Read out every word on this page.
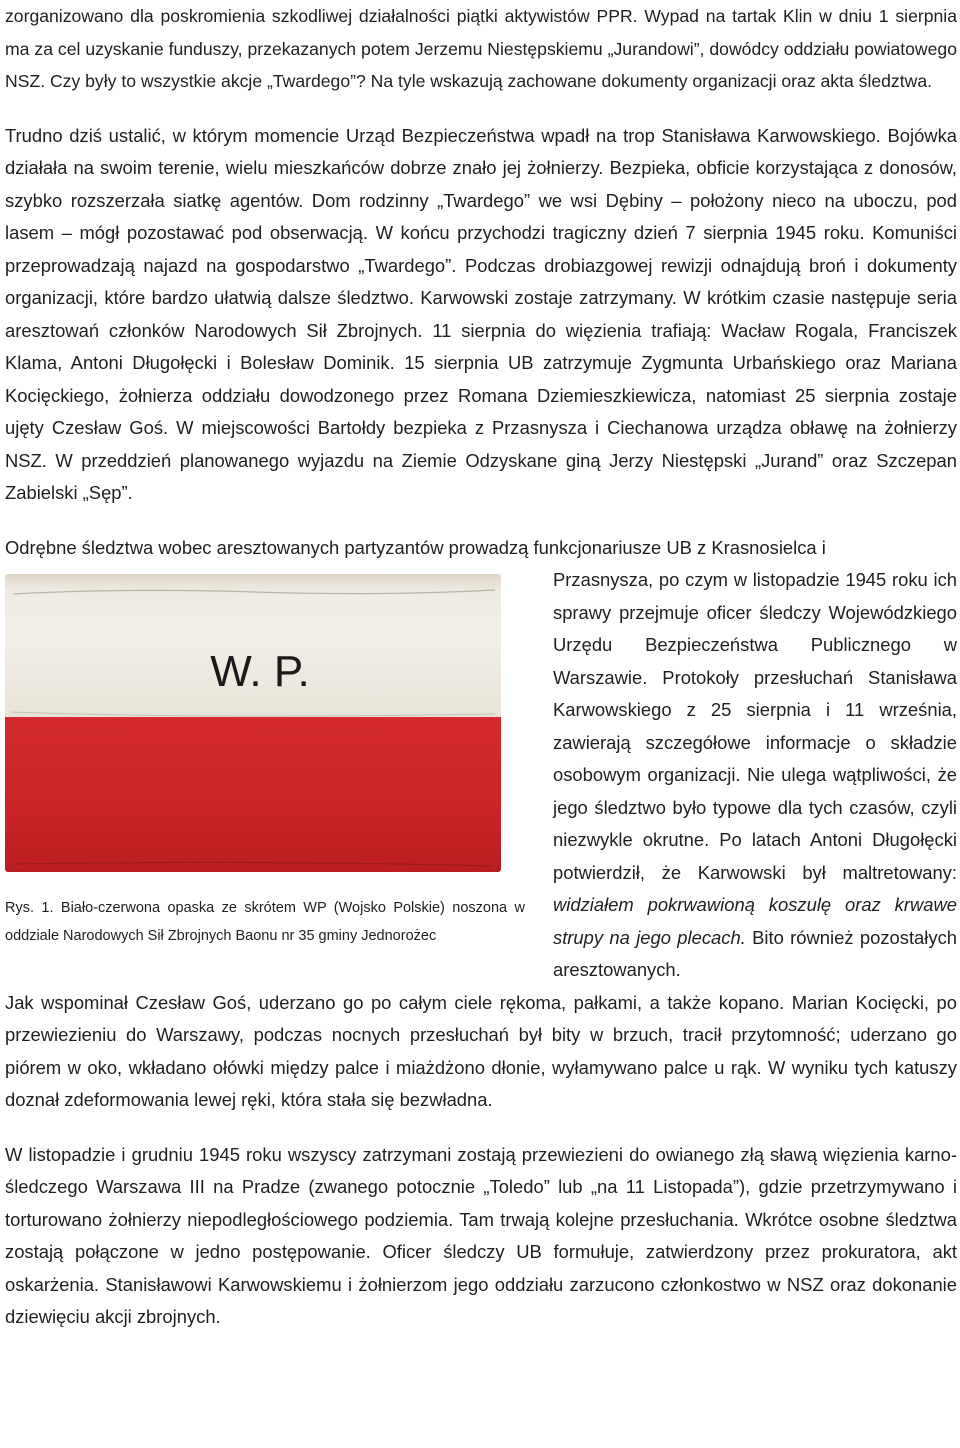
zorganizowano dla poskromienia szkodliwej działalności piątki aktywistów PPR. Wypad na tartak Klin w dniu 1 sierpnia ma za cel uzyskanie funduszy, przekazanych potem Jerzemu Niestępskiemu „Jurandowi”, dowódcy oddziału powiatowego NSZ. Czy były to wszystkie akcje „Twardego”? Na tyle wskazują zachowane dokumenty organizacji oraz akta śledztwa.

Trudno dziś ustalić, w którym momencie Urząd Bezpieczeństwa wpadł na trop Stanisława Karwowskiego. Bojówka działała na swoim terenie, wielu mieszkańców dobrze znało jej żołnierzy. Bezpieka, obficie korzystająca z donosów, szybko rozszerzała siatkę agentów. Dom rodzinny „Twardego” we wsi Dębiny – położony nieco na uboczu, pod lasem – mógł pozostawać pod obserwacją. W końcu przychodzi tragiczny dzień 7 sierpnia 1945 roku. Komuniści przeprowadzają najazd na gospodarstwo „Twardego”. Podczas drobiazgowej rewizji odnajdują broń i dokumenty organizacji, które bardzo ułatwią dalsze śledztwo. Karwowski zostaje zatrzymany. W krótkim czasie następuje seria aresztowań członków Narodowych Sił Zbrojnych. 11 sierpnia do więzienia trafiają: Wacław Rogala, Franciszek Klama, Antoni Długołęcki i Bolesław Dominik. 15 sierpnia UB zatrzymuje Zygmunta Urbańskiego oraz Mariana Kocięckiego, żołnierza oddziału dowodzonego przez Romana Dziemieszkiewicza, natomiast 25 sierpnia zostaje ujęty Czesław Goś. W miejscowości Bartołdy bezpieka z Przasnysza i Ciechanowa urządza obławę na żołnierzy NSZ. W przeddzień planowanego wyjazdu na Ziemie Odzyskane giną Jerzy Niestępski „Jurand” oraz Szczepan Zabielski „Sęp”.

Odrębne śledztwa wobec aresztowanych partyzantów prowadzą funkcjonariusze UB z Krasnosielca i

W. P.
Rys. 1. Biało-czerwona opaska ze skrótem WP (Wojsko Polskie) noszona w oddziale Narodowych Sił Zbrojnych Baonu nr 35 gminy Jednorożec

Przasnysza, po czym w listopadzie 1945 roku ich sprawy przejmuje oficer śledczy Wojewódzkiego Urzędu Bezpieczeństwa Publicznego w Warszawie. Protokoły przesłuchań Stanisława Karwowskiego z 25 sierpnia i 11 września, zawierają szczegółowe informacje o składzie osobowym organizacji. Nie ulega wątpliwości, że jego śledztwo było typowe dla tych czasów, czyli niezwykle okrutne. Po latach Antoni Długołęcki potwierdził, że Karwowski był maltretowany: widziałem pokrwawioną koszulę oraz krwawe strupy na jego plecach. Bito również pozostałych aresztowanych.

Jak wspominał Czesław Goś, uderzano go po całym ciele rękoma, pałkami, a także kopano. Marian Kocięcki, po przewiezieniu do Warszawy, podczas nocnych przesłuchań był bity w brzuch, tracił przytomność; uderzano go piórem w oko, wkładano ołówki między palce i miażdżono dłonie, wyłamywano palce u rąk. W wyniku tych katuszy doznał zdeformowania lewej ręki, która stała się bezwładna.

W listopadzie i grudniu 1945 roku wszyscy zatrzymani zostają przewiezieni do owianego złą sławą więzienia karno-śledczego Warszawa III na Pradze (zwanego potocznie „Toledo” lub „na 11 Listopada”), gdzie przetrzymywano i torturowano żołnierzy niepodległościowego podziemia. Tam trwają kolejne przesłuchania. Wkrótce osobne śledztwa zostają połączone w jedno postępowanie. Oficer śledczy UB formułuje, zatwierdzony przez prokuratora, akt oskarżenia. Stanisławowi Karwowskiemu i żołnierzom jego oddziału zarzucono członkostwo w NSZ oraz dokonanie dziewięciu akcji zbrojnych.
